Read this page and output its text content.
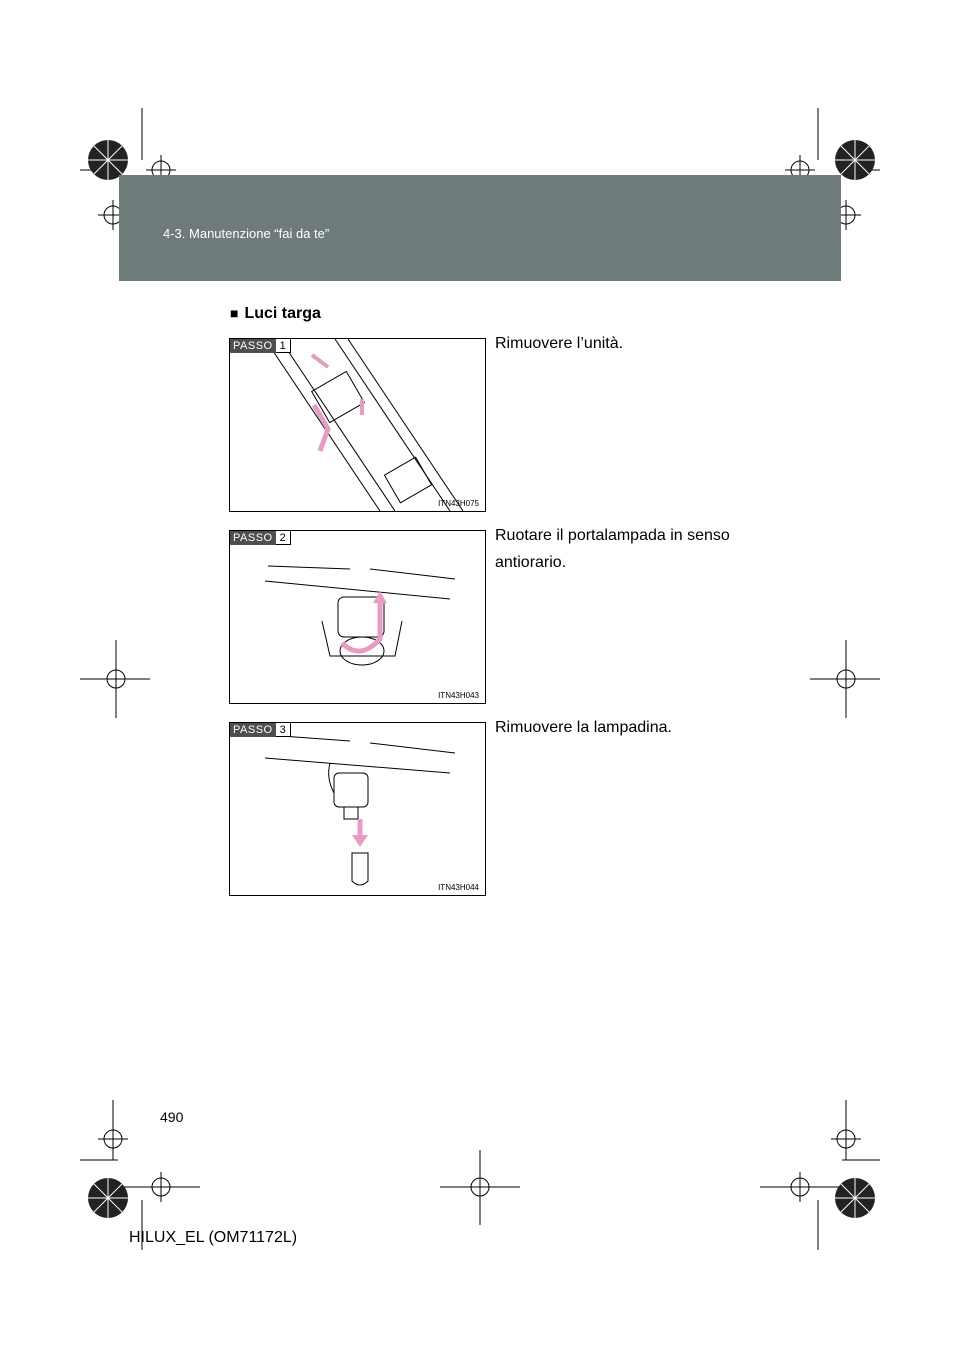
HILUX_EL.book Page 490 Wednesday, March 23, 2011 3:30 PM
4-3. Manutenzione “fai da te”
■ Luci targa
PASSO 1
ITN43H075
Rimuovere l’unità.
PASSO 2
ITN43H043
Ruotare il portalampada in senso antiorario.
PASSO 3
ITN43H044
Rimuovere la lampadina.
490
HILUX_EL (OM71172L)
